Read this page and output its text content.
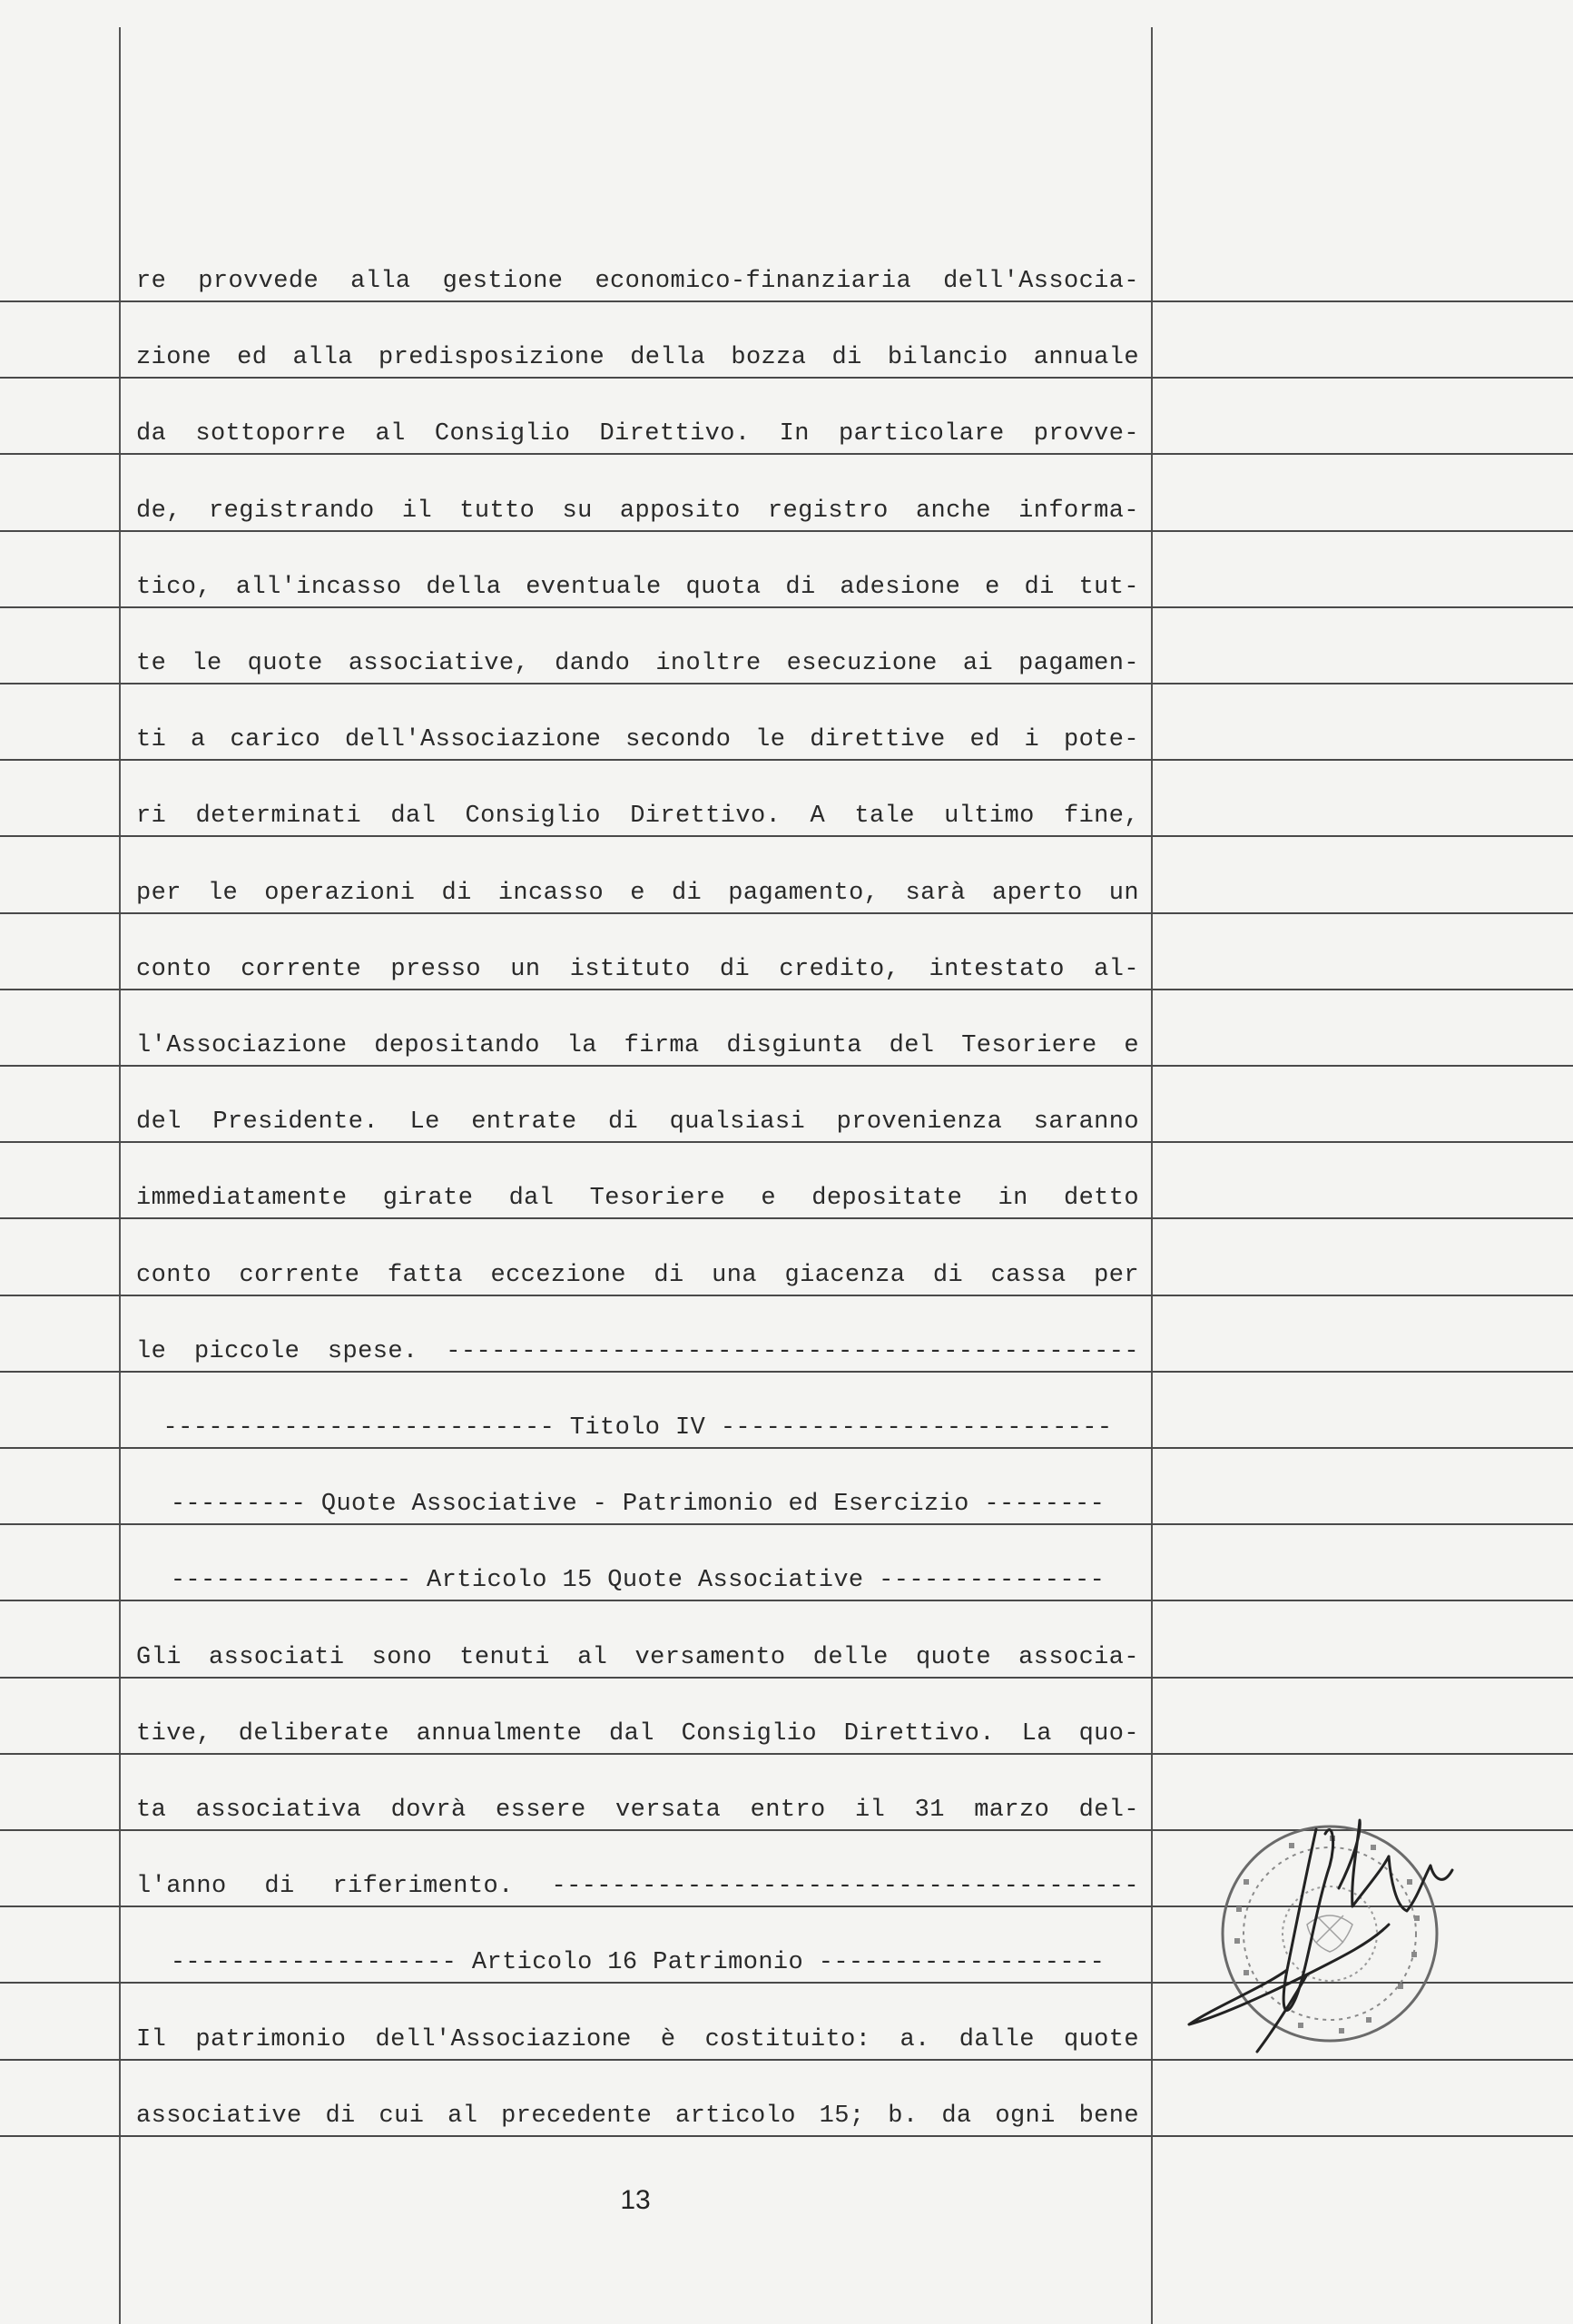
re provvede alla gestione economico-finanziaria dell'Associa-
zione ed alla predisposizione della bozza di bilancio annuale
da sottoporre al Consiglio Direttivo. In particolare provve-
de, registrando il tutto su apposito registro anche informa-
tico, all'incasso della eventuale quota di adesione e di tut-
te le quote associative, dando inoltre esecuzione ai pagamen-
ti a carico dell'Associazione secondo le direttive ed i pote-
ri determinati dal Consiglio Direttivo. A tale ultimo fine,
per le operazioni di incasso e di pagamento, sarà aperto un
conto corrente presso un istituto di credito, intestato al-
l'Associazione depositando la firma disgiunta del Tesoriere e
del Presidente. Le entrate di qualsiasi provenienza saranno
immediatamente girate dal Tesoriere e depositate in detto
conto corrente fatta eccezione di una giacenza di cassa per
le piccole spese. ----------------------------------------------
-------------------------- Titolo IV --------------------------
--------- Quote Associative - Patrimonio ed Esercizio --------
---------------- Articolo 15 Quote Associative ---------------
Gli associati sono tenuti al versamento delle quote associa-
tive, deliberate annualmente dal Consiglio Direttivo. La quo-
ta associativa dovrà essere versata entro il 31 marzo del-
l'anno di riferimento. ---------------------------------------
------------------- Articolo 16 Patrimonio -------------------
Il patrimonio dell'Associazione è costituito: a. dalle quote
associative di cui al precedente articolo 15; b. da ogni bene
13
